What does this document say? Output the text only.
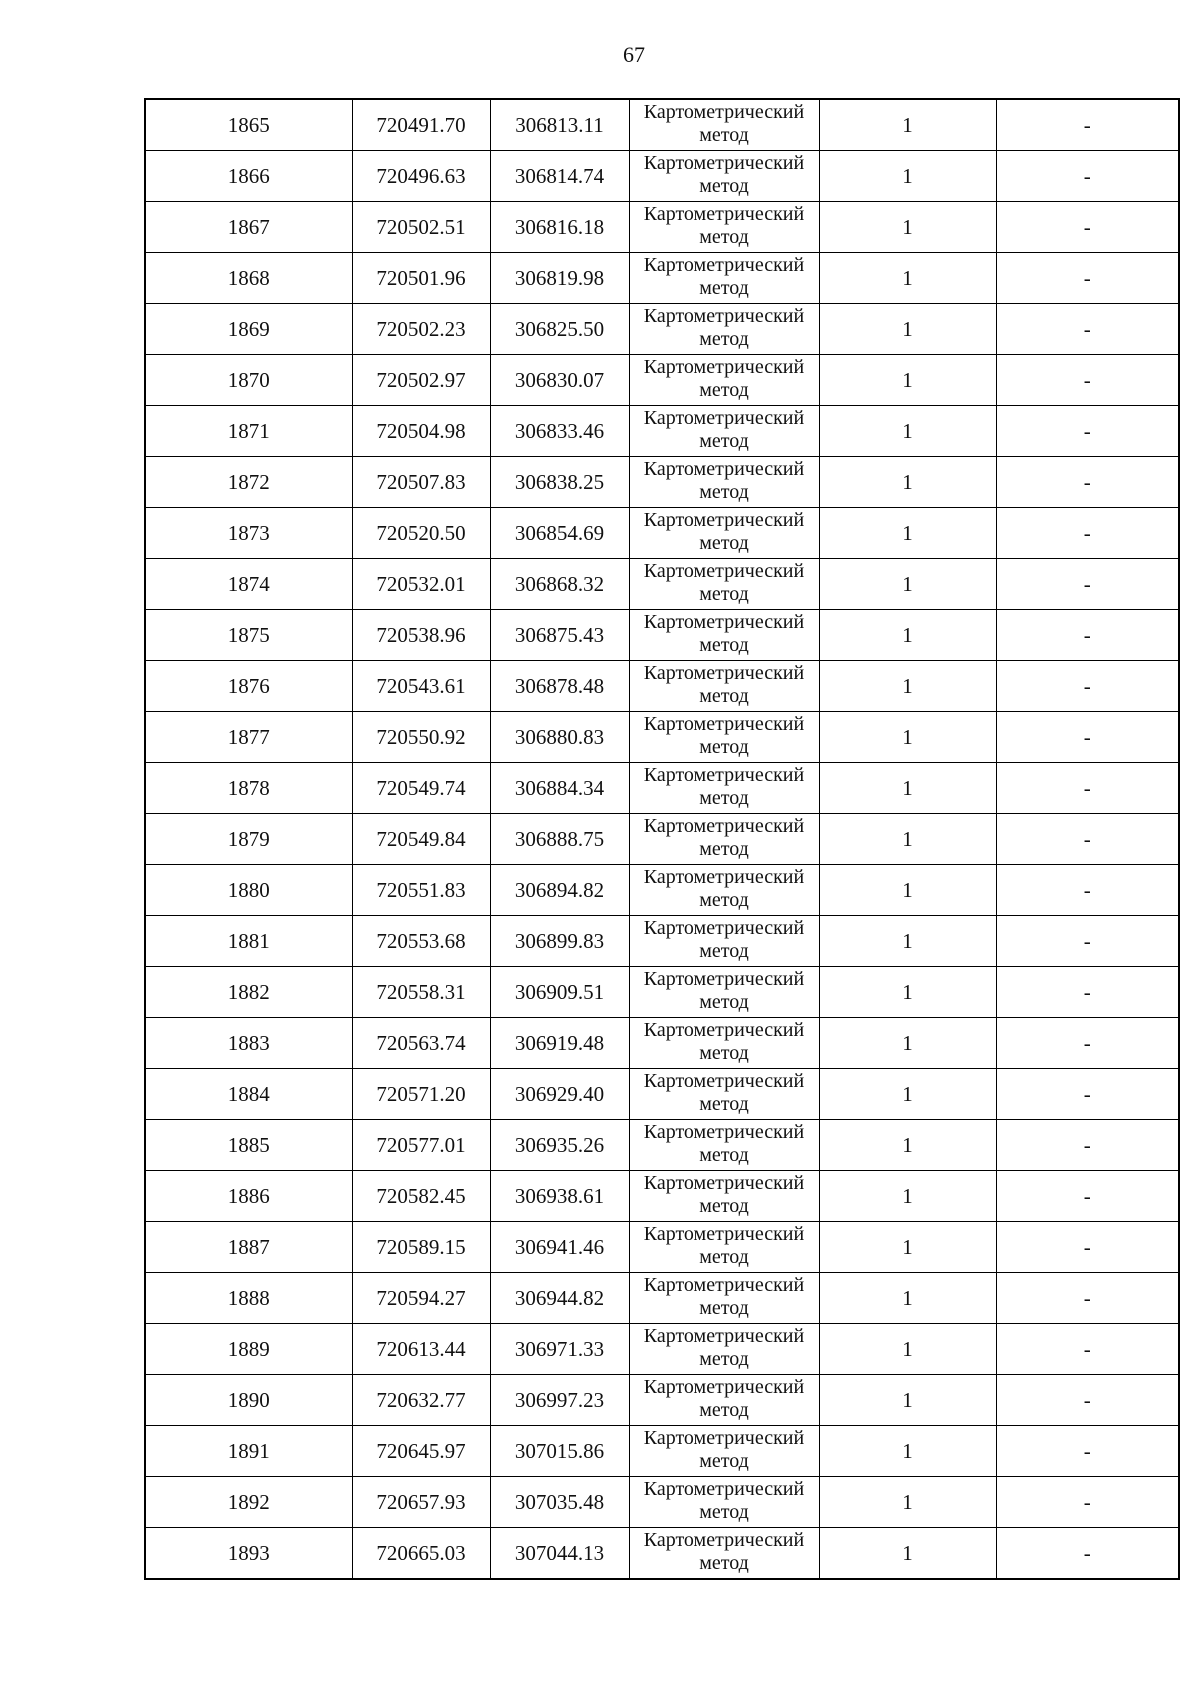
67
1865	720491.70	306813.11	Картометрический метод	1	-
1866	720496.63	306814.74	Картометрический метод	1	-
1867	720502.51	306816.18	Картометрический метод	1	-
1868	720501.96	306819.98	Картометрический метод	1	-
1869	720502.23	306825.50	Картометрический метод	1	-
1870	720502.97	306830.07	Картометрический метод	1	-
1871	720504.98	306833.46	Картометрический метод	1	-
1872	720507.83	306838.25	Картометрический метод	1	-
1873	720520.50	306854.69	Картометрический метод	1	-
1874	720532.01	306868.32	Картометрический метод	1	-
1875	720538.96	306875.43	Картометрический метод	1	-
1876	720543.61	306878.48	Картометрический метод	1	-
1877	720550.92	306880.83	Картометрический метод	1	-
1878	720549.74	306884.34	Картометрический метод	1	-
1879	720549.84	306888.75	Картометрический метод	1	-
1880	720551.83	306894.82	Картометрический метод	1	-
1881	720553.68	306899.83	Картометрический метод	1	-
1882	720558.31	306909.51	Картометрический метод	1	-
1883	720563.74	306919.48	Картометрический метод	1	-
1884	720571.20	306929.40	Картометрический метод	1	-
1885	720577.01	306935.26	Картометрический метод	1	-
1886	720582.45	306938.61	Картометрический метод	1	-
1887	720589.15	306941.46	Картометрический метод	1	-
1888	720594.27	306944.82	Картометрический метод	1	-
1889	720613.44	306971.33	Картометрический метод	1	-
1890	720632.77	306997.23	Картометрический метод	1	-
1891	720645.97	307015.86	Картометрический метод	1	-
1892	720657.93	307035.48	Картометрический метод	1	-
1893	720665.03	307044.13	Картометрический метод	1	-
